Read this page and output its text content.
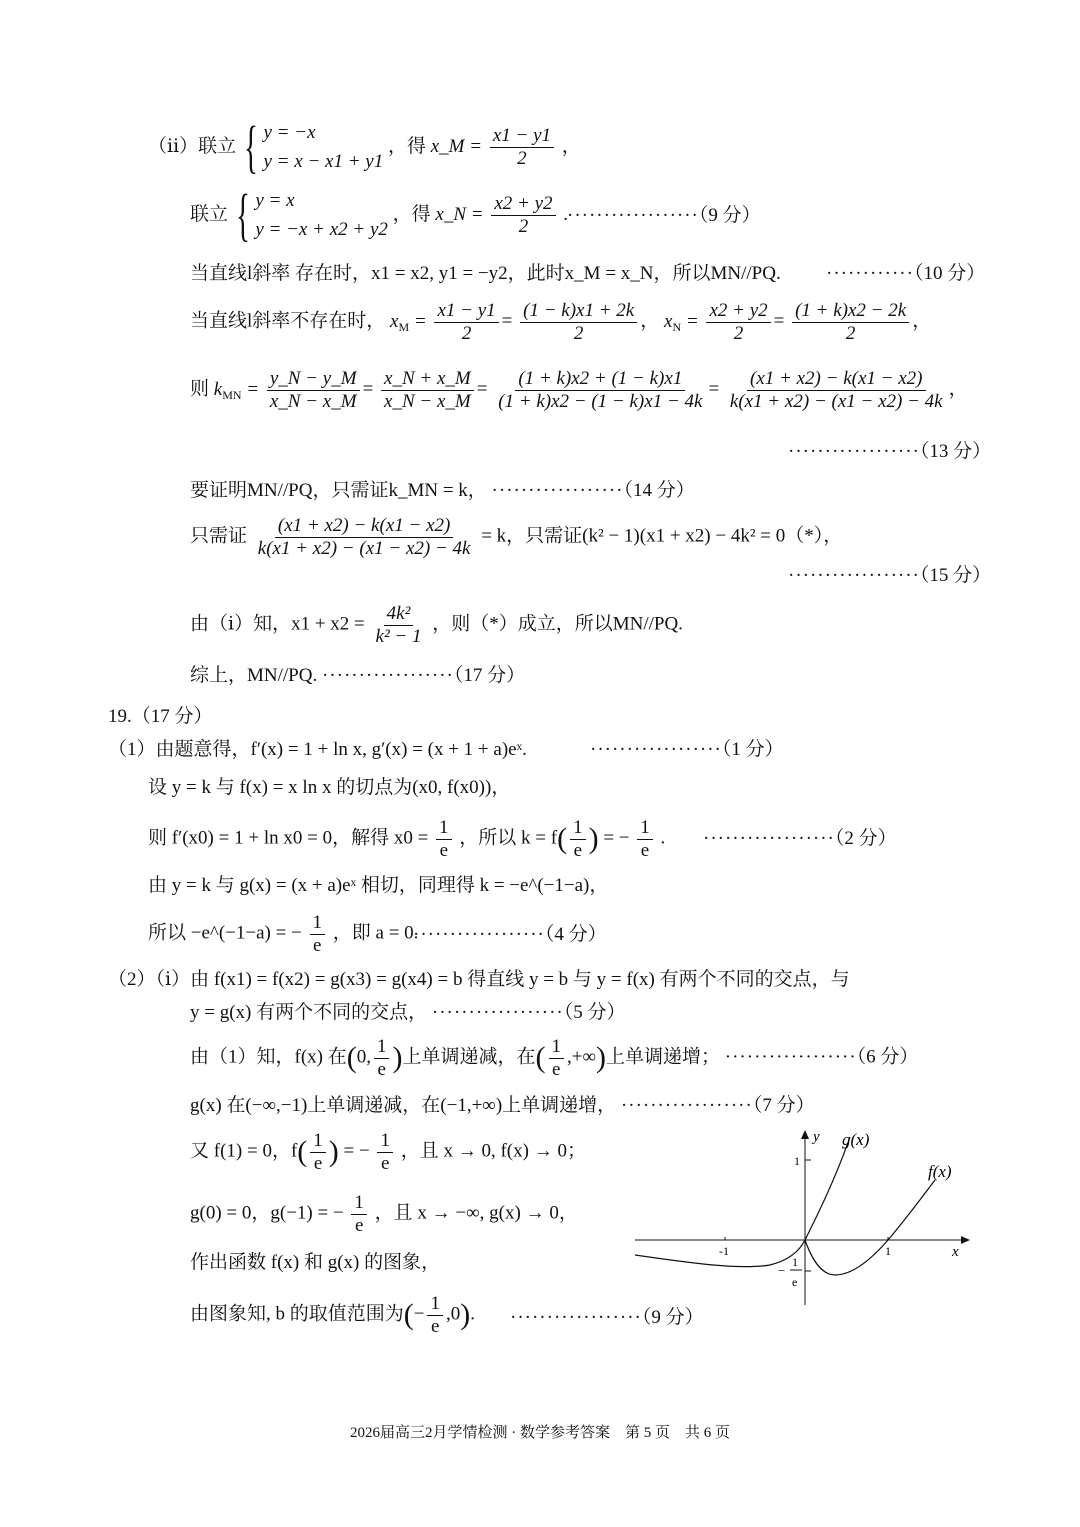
（ⅱ）联立 { y = −x
y = x − x1 + y1
，得 x_M = $\frac{x1 - y1}{2}$ ，
联立 { y = x
y = −x + x2 + y2
，得 x_N = $\frac{x2 + y2}{2}$ .
··················（9 分）
当直线l斜率 存在时，x1 = x2, y1 = −y2，此时x_M = x_N，所以MN//PQ. ············（10 分）
当直线l斜率不存在时， $x_M = \frac{x1 - y1}{2} = \frac{(1 - k)x1 + 2k}{2}$ ， $x_N = \frac{x2 + y2}{2} = \frac{(1 + k)x2 - 2k}{2}$ ，
则 $k_{MN} = \frac{y\_N - y\_M}{x\_N - x\_M} = \frac{x\_N + x\_M}{x\_N - x\_M} = \frac{(1 + k)x2 + (1 - k)x1}{(1 + k)x2 - (1 - k)x1 - 4k} = \frac{(x1 + x2) - k(x1 - x2)}{k(x1 + x2) - (x1 - x2) - 4k}$ ，
··················（13 分）
要证明MN//PQ，只需证k_MN = k， ··················（14 分）
只需证 $\frac{(x1 + x2) - k(x1 - x2)}{k(x1 + x2) - (x1 - x2) - 4k} = k$，只需证(k² − 1)(x1 + x2) − 4k² = 0（*），
··················（15 分）
由（ⅰ）知，$x1 + x2 = \frac{\text{4k²}}{\text{k² − 1}}$ ，则（*）成立，所以MN//PQ.
综上，MN//PQ. ··················（17 分）
19.（17 分）
（1）由题意得，f′(x) = 1 + ln x, g′(x) = (x + 1 + a)eˣ.	··················（1 分）
设 y = k 与 f(x) = x ln x 的切点为(x0, f(x0))，
则 f′(x0) = 1 + ln x0 = 0，解得 $x0 = \frac{1}{e}$ ，所以 $k = f( \frac{1}{e}$ ) = − $\frac{1}{e}$ . ··················（2 分）
由 y = k 与 g(x) = (x + a)eˣ 相切，同理得 k = −e^(−1−a)，
所以 −e^(−1−a) = − $\frac{1}{e}$ ，即 a = 0.
··················（4 分）
（2）（ⅰ）由 f(x1) = f(x2) = g(x3) = g(x4) = b 得直线 y = b 与 y = f(x) 有两个不同的交点，与
y = g(x) 有两个不同的交点， ··················（5 分）
由（1）知，f(x) 在(0, $\frac{1}{e}$ )上单调递减，在( $\frac{1}{e}$ ,+∞)上单调递增； ··················（6 分）
g(x) 在(−∞,−1)上单调递减，在(−1,+∞)上单调递增， ··················（7 分）
又 f(1) = 0，$f( \frac{1}{e}$ ) = − $\frac{1}{e}$ ，且 x → 0, f(x) → 0；
g(0) = 0，g(−1) = − $\frac{1}{e}$ ，且 x → −∞, g(x) → 0，
作出函数 f(x) 和 g(x) 的图象，
由图象知, b 的取值范围为(− $\frac{1}{e} ,0$). ··················（9 分）
y
x
1
-1	1
−
1
e
g(x)
f(x)
2026届高三2月学情检测 · 数学参考答案　第 5 页　共 6 页
